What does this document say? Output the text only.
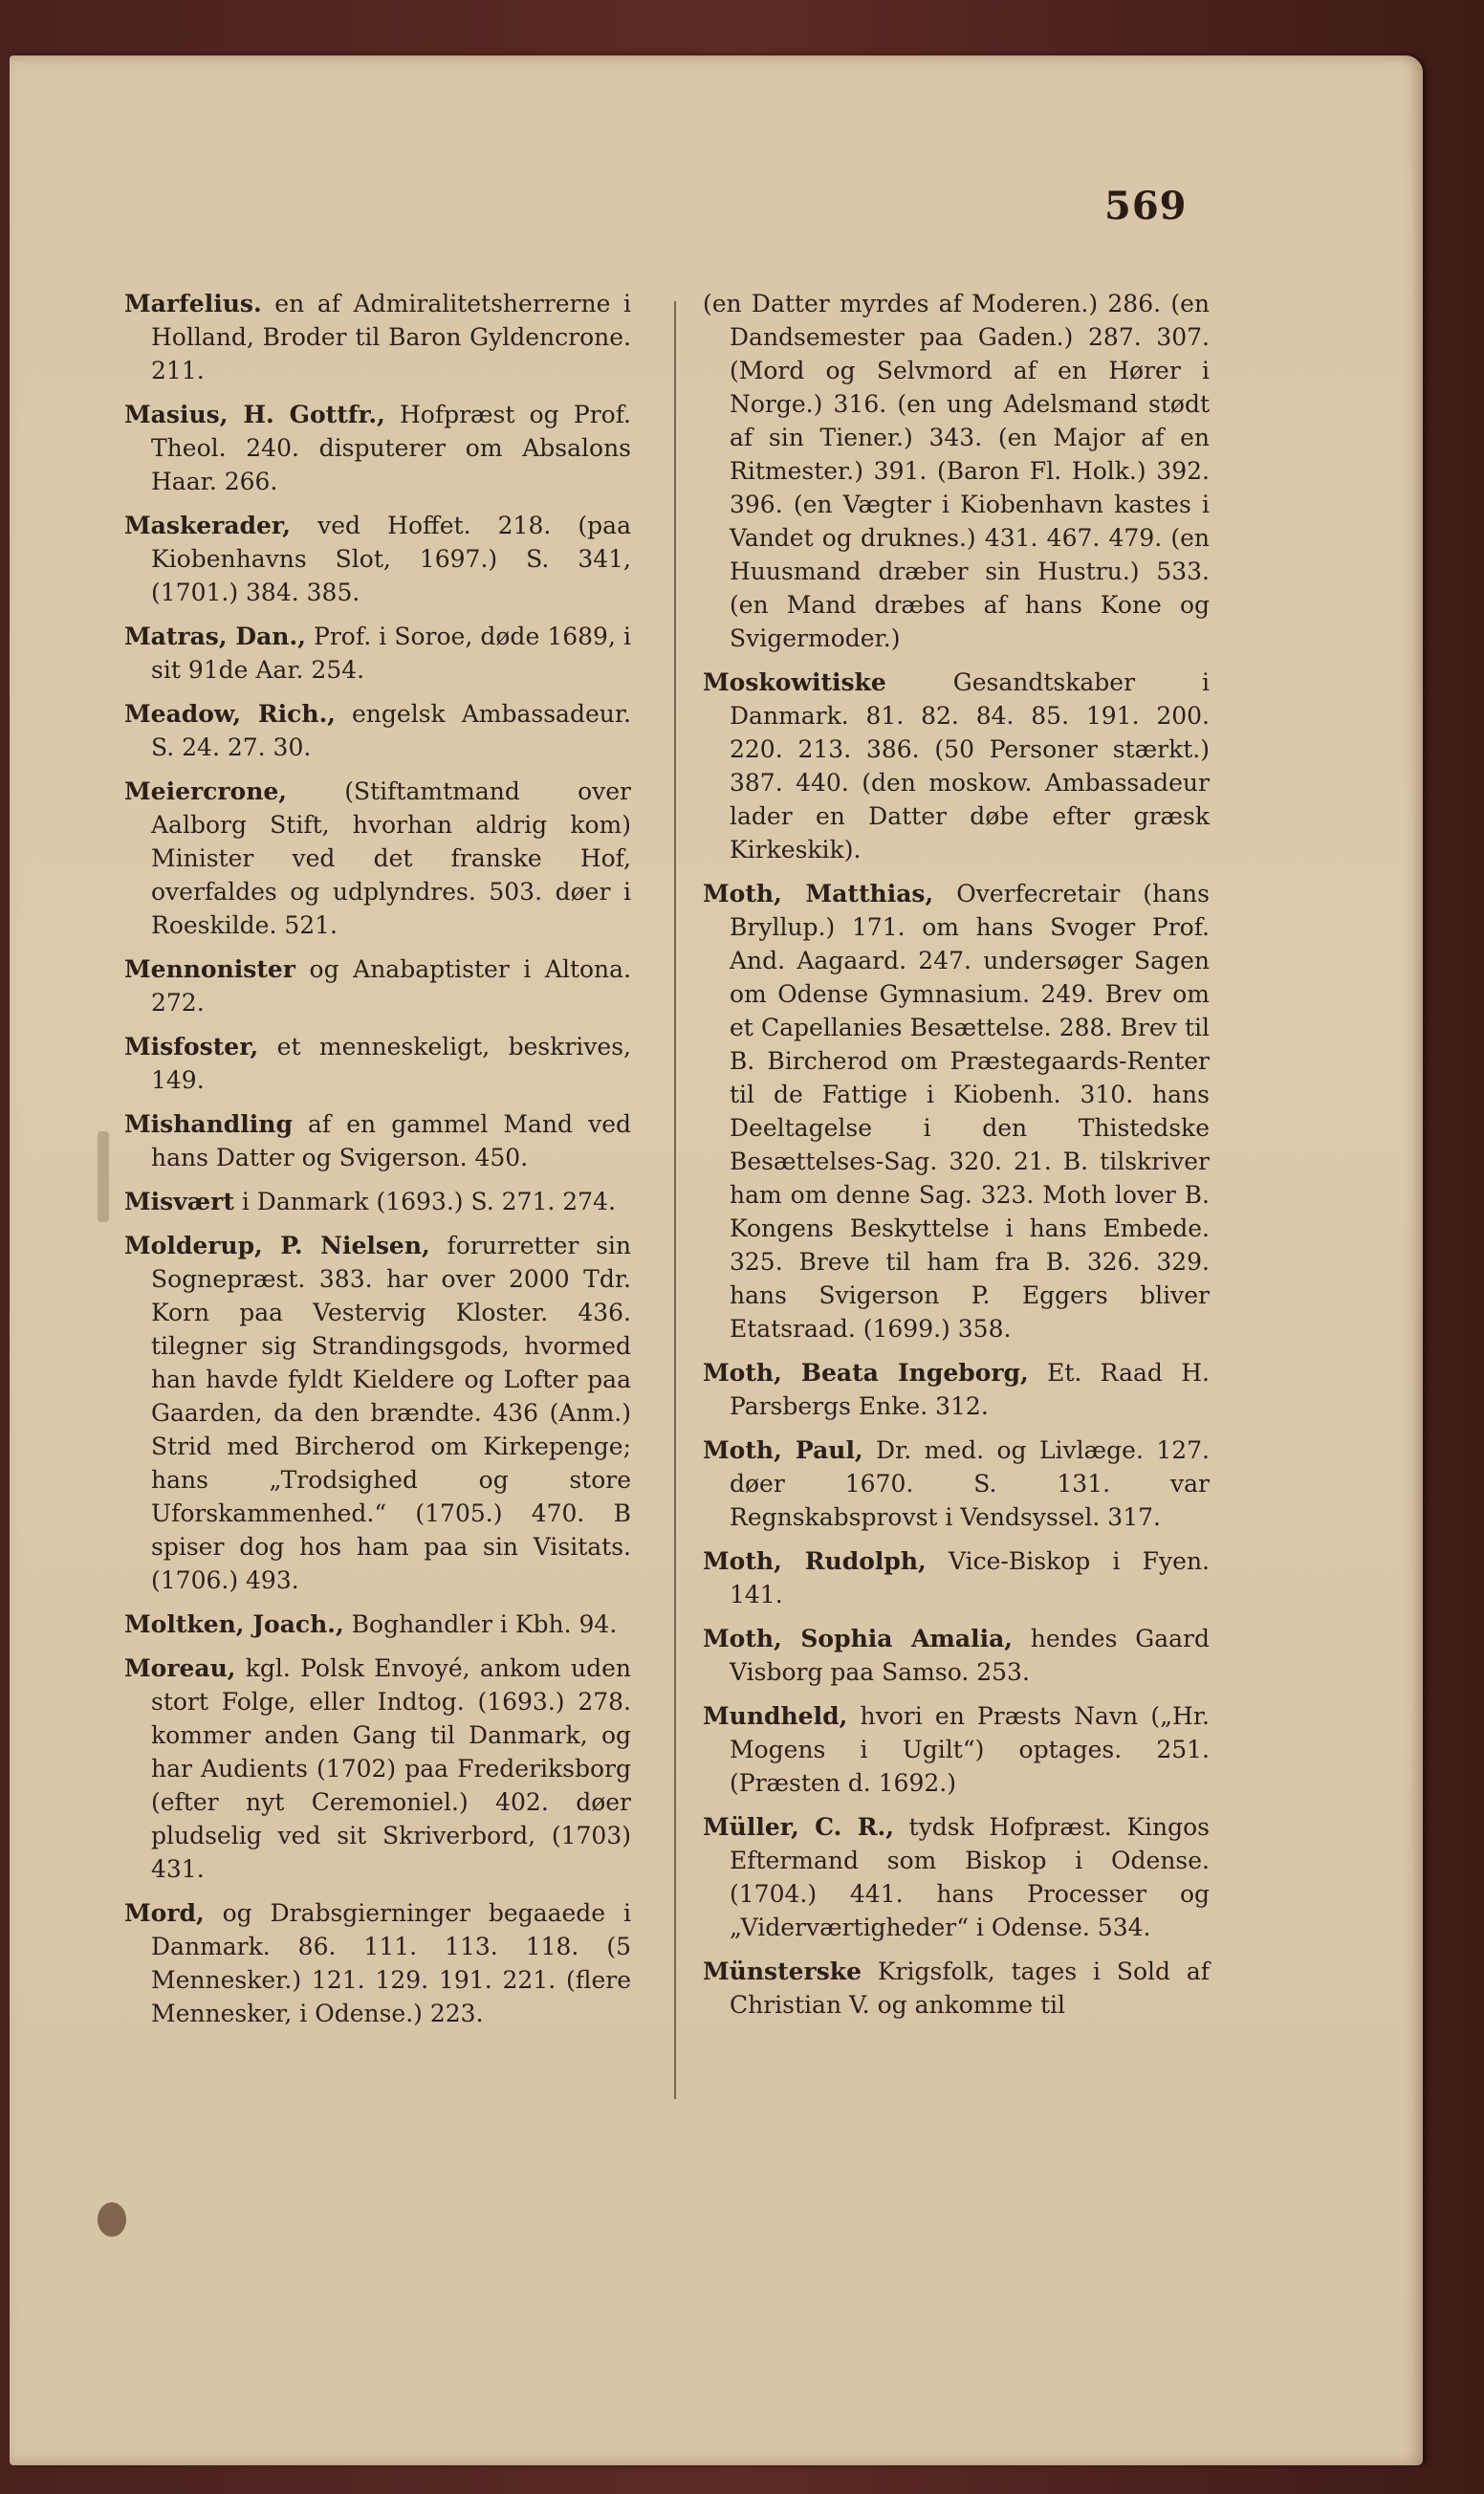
569

Marfelius. en af Admiralitetsherrerne i Holland, Broder til Baron Gyldencrone. 211.

Masius, H. Gottfr., Hofpræst og Prof. Theol. 240. disputerer om Absalons Haar. 266.

Maskerader, ved Hoffet. 218. (paa Kiobenhavns Slot, 1697.) S. 341, (1701.) 384. 385.

Matras, Dan., Prof. i Soroe, døde 1689, i sit 91de Aar. 254.

Meadow, Rich., engelsk Ambassadeur. S. 24. 27. 30.

Meiercrone, (Stiftamtmand over Aalborg Stift, hvorhan aldrig kom) Minister ved det franske Hof, overfaldes og udplyndres. 503. døer i Roeskilde. 521.

Mennonister og Anabaptister i Altona. 272.

Misfoster, et menneskeligt, beskrives, 149.

Mishandling af en gammel Mand ved hans Datter og Svigerson. 450.

Misvært i Danmark (1693.) S. 271. 274.

Molderup, P. Nielsen, forurretter sin Sognepræst. 383. har over 2000 Tdr. Korn paa Vestervig Kloster. 436. tilegner sig Strandingsgods, hvormed han havde fyldt Kieldere og Lofter paa Gaarden, da den brændte. 436 (Anm.) Strid med Bircherod om Kirkepenge; hans „Trodsighed og store Uforskammenhed.“ (1705.) 470. B spiser dog hos ham paa sin Visitats. (1706.) 493.

Moltken, Joach., Boghandler i Kbh. 94.

Moreau, kgl. Polsk Envoyé, ankom uden stort Folge, eller Indtog. (1693.) 278. kommer anden Gang til Danmark, og har Audients (1702) paa Frederiksborg (efter nyt Ceremoniel.) 402. døer pludselig ved sit Skriverbord, (1703) 431.

Mord, og Drabsgierninger begaaede i Danmark. 86. 111. 113. 118. (5 Mennesker.) 121. 129. 191. 221. (flere Mennesker, i Odense.) 223.

(en Datter myrdes af Moderen.) 286. (en Dandsemester paa Gaden.) 287. 307. (Mord og Selvmord af en Hører i Norge.) 316. (en ung Adelsmand stødt af sin Tiener.) 343. (en Major af en Ritmester.) 391. (Baron Fl. Holk.) 392. 396. (en Vægter i Kiobenhavn kastes i Vandet og druknes.) 431. 467. 479. (en Huusmand dræber sin Hustru.) 533. (en Mand dræbes af hans Kone og Svigermoder.)

Moskowitiske	Gesandtskaber i Danmark. 81. 82. 84. 85. 191. 200. 220. 213. 386. (50 Personer stærkt.) 387. 440. (den moskow. Ambassadeur lader en Datter døbe efter græsk Kirkeskik).

Moth, Matthias, Overfecretair (hans Bryllup.) 171. om hans Svoger Prof. And. Aagaard. 247. undersøger Sagen om Odense Gymnasium. 249. Brev om et Capellanies Besættelse. 288. Brev til B. Bircherod om Præstegaards-Renter til de Fattige i Kiobenh. 310. hans Deeltagelse i den Thistedske Besættelses-Sag. 320. 21. B. tilskriver ham om denne Sag. 323. Moth lover B. Kongens Beskyttelse i hans Embede. 325. Breve til ham fra B. 326. 329. hans Svigerson P. Eggers bliver Etatsraad. (1699.) 358.

Moth, Beata Ingeborg, Et. Raad H. Parsbergs Enke. 312.

Moth, Paul, Dr. med. og Livlæge. 127. døer 1670. S. 131. var Regnskabsprovst i Vendsyssel. 317.

Moth, Rudolph, Vice-Biskop i Fyen. 141.

Moth, Sophia Amalia, hendes Gaard Visborg paa Samso. 253.

Mundheld, hvori en Præsts Navn („Hr. Mogens i Ugilt“) optages. 251. (Præsten d. 1692.)

Müller, C. R., tydsk Hofpræst. Kingos Eftermand som Biskop i Odense. (1704.) 441. hans Processer og „Viderværtigheder“ i Odense. 534.

Münsterske Krigsfolk, tages i Sold af Christian V. og ankomme til
